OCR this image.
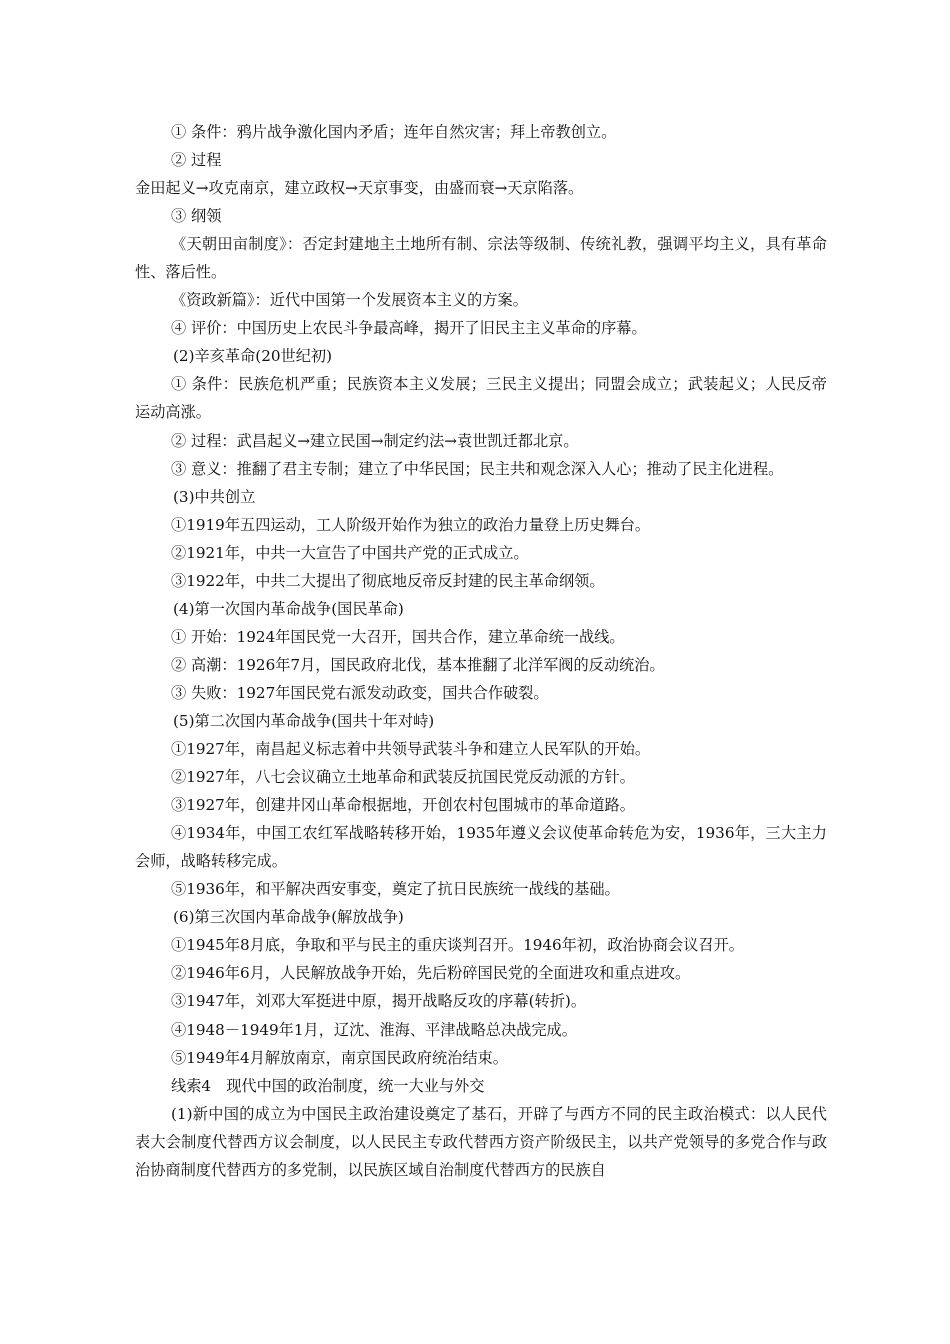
① 条件：鸦片战争激化国内矛盾；连年自然灾害；拜上帝教创立。
② 过程
金田起义→攻克南京，建立政权→天京事变，由盛而衰→天京陷落。
③ 纲领
《天朝田亩制度》：否定封建地主土地所有制、宗法等级制、传统礼教，强调平均主义，具有革命性、落后性。
《资政新篇》：近代中国第一个发展资本主义的方案。
④ 评价：中国历史上农民斗争最高峰，揭开了旧民主主义革命的序幕。
(2)辛亥革命(20世纪初)
① 条件：民族危机严重；民族资本主义发展；三民主义提出；同盟会成立；武装起义；人民反帝运动高涨。
② 过程：武昌起义→建立民国→制定约法→袁世凯迁都北京。
③ 意义：推翻了君主专制；建立了中华民国；民主共和观念深入人心；推动了民主化进程。
(3)中共创立
①1919年五四运动，工人阶级开始作为独立的政治力量登上历史舞台。
②1921年，中共一大宣告了中国共产党的正式成立。
③1922年，中共二大提出了彻底地反帝反封建的民主革命纲领。
(4)第一次国内革命战争(国民革命)
① 开始：1924年国民党一大召开，国共合作，建立革命统一战线。
② 高潮：1926年7月，国民政府北伐，基本推翻了北洋军阀的反动统治。
③ 失败：1927年国民党右派发动政变，国共合作破裂。
(5)第二次国内革命战争(国共十年对峙)
①1927年，南昌起义标志着中共领导武装斗争和建立人民军队的开始。
②1927年，八七会议确立土地革命和武装反抗国民党反动派的方针。
③1927年，创建井冈山革命根据地，开创农村包围城市的革命道路。
④1934年，中国工农红军战略转移开始，1935年遵义会议使革命转危为安，1936年，三大主力会师，战略转移完成。
⑤1936年，和平解决西安事变，奠定了抗日民族统一战线的基础。
(6)第三次国内革命战争(解放战争)
①1945年8月底，争取和平与民主的重庆谈判召开。1946年初，政治协商会议召开。
②1946年6月，人民解放战争开始，先后粉碎国民党的全面进攻和重点进攻。
③1947年，刘邓大军挺进中原，揭开战略反攻的序幕(转折)。
④1948－1949年1月，辽沈、淮海、平津战略总决战完成。
⑤1949年4月解放南京，南京国民政府统治结束。
线索4　现代中国的政治制度，统一大业与外交
(1)新中国的成立为中国民主政治建设奠定了基石，开辟了与西方不同的民主政治模式：以人民代表大会制度代替西方议会制度，以人民民主专政代替西方资产阶级民主，以共产党领导的多党合作与政治协商制度代替西方的多党制，以民族区域自治制度代替西方的民族自
